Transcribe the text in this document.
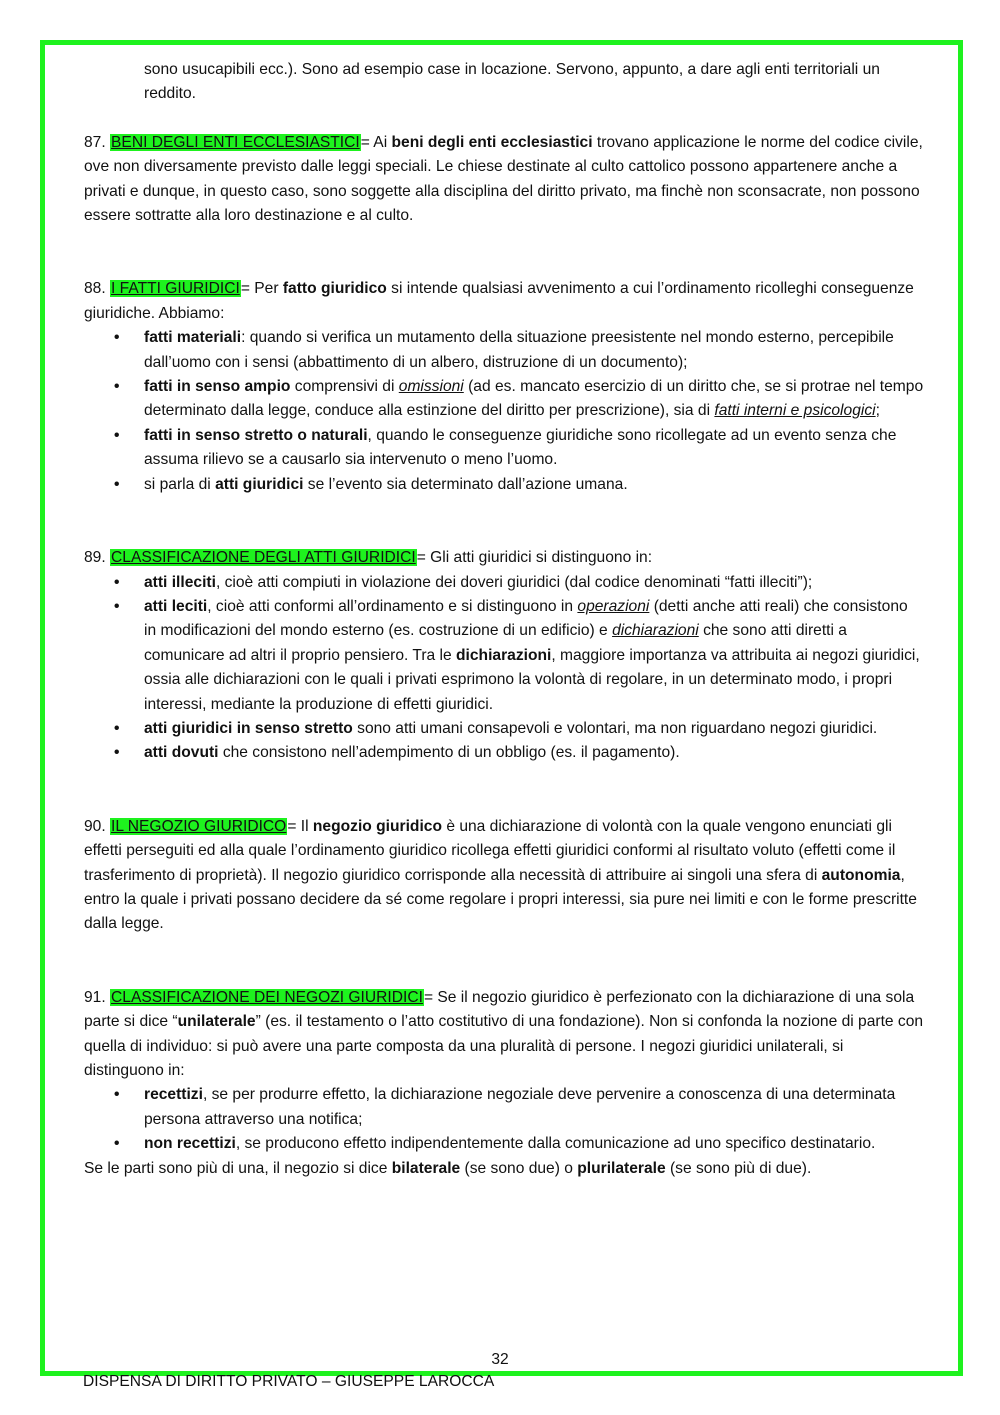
sono usucapibili ecc.). Sono ad esempio case in locazione. Servono, appunto, a dare agli enti territoriali un reddito.

87. BENI DEGLI ENTI ECCLESIASTICI= Ai beni degli enti ecclesiastici trovano applicazione le norme del codice civile, ove non diversamente previsto dalle leggi speciali. Le chiese destinate al culto cattolico possono appartenere anche a privati e dunque, in questo caso, sono soggette alla disciplina del diritto privato, ma finchè non sconsacrate, non possono essere sottratte alla loro destinazione e al culto.

88. I FATTI GIURIDICI= Per fatto giuridico si intende qualsiasi avvenimento a cui l’ordinamento ricolleghi conseguenze giuridiche. Abbiamo:

• fatti materiali: quando si verifica un mutamento della situazione preesistente nel mondo esterno, percepibile dall’uomo con i sensi (abbattimento di un albero, distruzione di un documento);
• fatti in senso ampio comprensivi di omissioni (ad es. mancato esercizio di un diritto che, se si protrae nel tempo determinato dalla legge, conduce alla estinzione del diritto per prescrizione), sia di fatti interni e psicologici;
• fatti in senso stretto o naturali, quando le conseguenze giuridiche sono ricollegate ad un evento senza che assuma rilievo se a causarlo sia intervenuto o meno l’uomo.
• si parla di atti giuridici se l’evento sia determinato dall’azione umana.

89. CLASSIFICAZIONE DEGLI ATTI GIURIDICI= Gli atti giuridici si distinguono in:

• atti illeciti, cioè atti compiuti in violazione dei doveri giuridici (dal codice denominati “fatti illeciti”);
• atti leciti, cioè atti conformi all’ordinamento e si distinguono in operazioni (detti anche atti reali) che consistono in modificazioni del mondo esterno (es. costruzione di un edificio) e dichiarazioni che sono atti diretti a comunicare ad altri il proprio pensiero. Tra le dichiarazioni, maggiore importanza va attribuita ai negozi giuridici, ossia alle dichiarazioni con le quali i privati esprimono la volontà di regolare, in un determinato modo, i propri interessi, mediante la produzione di effetti giuridici.
• atti giuridici in senso stretto sono atti umani consapevoli e volontari, ma non riguardano negozi giuridici.
• atti dovuti che consistono nell’adempimento di un obbligo (es. il pagamento).

90. IL NEGOZIO GIURIDICO= Il negozio giuridico è una dichiarazione di volontà con la quale vengono enunciati gli effetti perseguiti ed alla quale l’ordinamento giuridico ricollega effetti giuridici conformi al risultato voluto (effetti come il trasferimento di proprietà). Il negozio giuridico corrisponde alla necessità di attribuire ai singoli una sfera di autonomia, entro la quale i privati possano decidere da sé come regolare i propri interessi, sia pure nei limiti e con le forme prescritte dalla legge.

91. CLASSIFICAZIONE DEI NEGOZI GIURIDICI= Se il negozio giuridico è perfezionato con la dichiarazione di una sola parte si dice “unilaterale” (es. il testamento o l’atto costitutivo di una fondazione). Non si confonda la nozione di parte con quella di individuo: si può avere una parte composta da una pluralità di persone. I negozi giuridici unilaterali, si distinguono in:

• recettizi, se per produrre effetto, la dichiarazione negoziale deve pervenire a conoscenza di una determinata persona attraverso una notifica;
• non recettizi, se producono effetto indipendentemente dalla comunicazione ad uno specifico destinatario.

Se le parti sono più di una, il negozio si dice bilaterale (se sono due) o plurilaterale (se sono più di due).

32
DISPENSA DI DIRITTO PRIVATO – GIUSEPPE LAROCCA
